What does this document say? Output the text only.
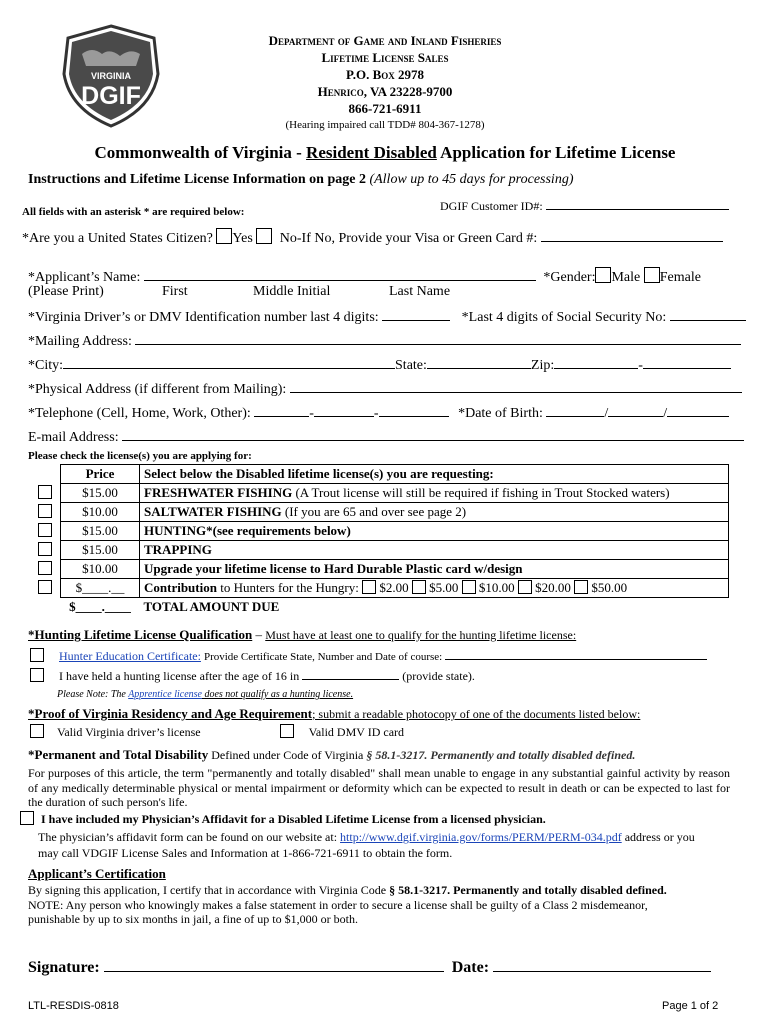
VIRGINIA
DGIF
Department of Game and Inland Fisheries
Lifetime License Sales
P.O. Box 2978
Henrico, VA 23228-9700
866-721-6911
(Hearing impaired call TDD# 804-367-1278)
Commonwealth of Virginia - Resident Disabled Application for Lifetime License
Instructions and Lifetime License Information on page 2 (Allow up to 45 days for processing)
DGIF Customer ID#:
All fields with an asterisk * are required below:
*Are you a United States Citizen? Yes No-If No, Provide your Visa or Green Card #:
*Applicant’s Name:	*Gender: Male Female
(Please Print)	First	Middle Initial	Last Name
*Virginia Driver’s or DMV Identification number last 4 digits:	*Last 4 digits of Social Security No:
*Mailing Address:
*City:	State:	Zip:	-
*Physical Address (if different from Mailing):
*Telephone (Cell, Home, Work, Other):	-	-	*Date of Birth:	/	/
E-mail Address:
Please check the license(s) you are applying for:
	Price	Select below the Disabled lifetime license(s) you are requesting:
	$15.00	FRESHWATER FISHING (A Trout license will still be required if fishing in Trout Stocked waters)
	$10.00	SALTWATER FISHING (If you are 65 and over see page 2)
	$15.00	HUNTING*(see requirements below)
	$15.00	TRAPPING
	$10.00	Upgrade your lifetime license to Hard Durable Plastic card w/design
	$____.__	Contribution to Hunters for the Hungry: $2.00 $5.00 $10.00 $20.00 $50.00
	$____.____	TOTAL AMOUNT DUE
*Hunting Lifetime License Qualification – Must have at least one to qualify for the hunting lifetime license:
Hunter Education Certificate: Provide Certificate State, Number and Date of course:
I have held a hunting license after the age of 16 in	(provide state).
Please Note: The Apprentice license does not qualify as a hunting license.
*Proof of Virginia Residency and Age Requirement; submit a readable photocopy of one of the documents listed below:
Valid Virginia driver’s license	Valid DMV ID card
*Permanent and Total Disability Defined under Code of Virginia § 58.1-3217. Permanently and totally disabled defined.
For purposes of this article, the term "permanently and totally disabled" shall mean unable to engage in any substantial gainful activity by reason of any medically determinable physical or mental impairment or deformity which can be expected to result in death or can be expected to last for the duration of such person's life.
I have included my Physician’s Affidavit for a Disabled Lifetime License from a licensed physician.
The physician’s affidavit form can be found on our website at: http://www.dgif.virginia.gov/forms/PERM/PERM-034.pdf address or you
may call VDGIF License Sales and Information at 1-866-721-6911 to obtain the form.
Applicant’s Certification
By signing this application, I certify that in accordance with Virginia Code § 58.1-3217. Permanently and totally disabled defined.
NOTE: Any person who knowingly makes a false statement in order to secure a license shall be guilty of a Class 2 misdemeanor,
punishable by up to six months in jail, a fine of up to $1,000 or both.
Signature:	Date:
LTL-RESDIS-0818	Page 1 of 2
